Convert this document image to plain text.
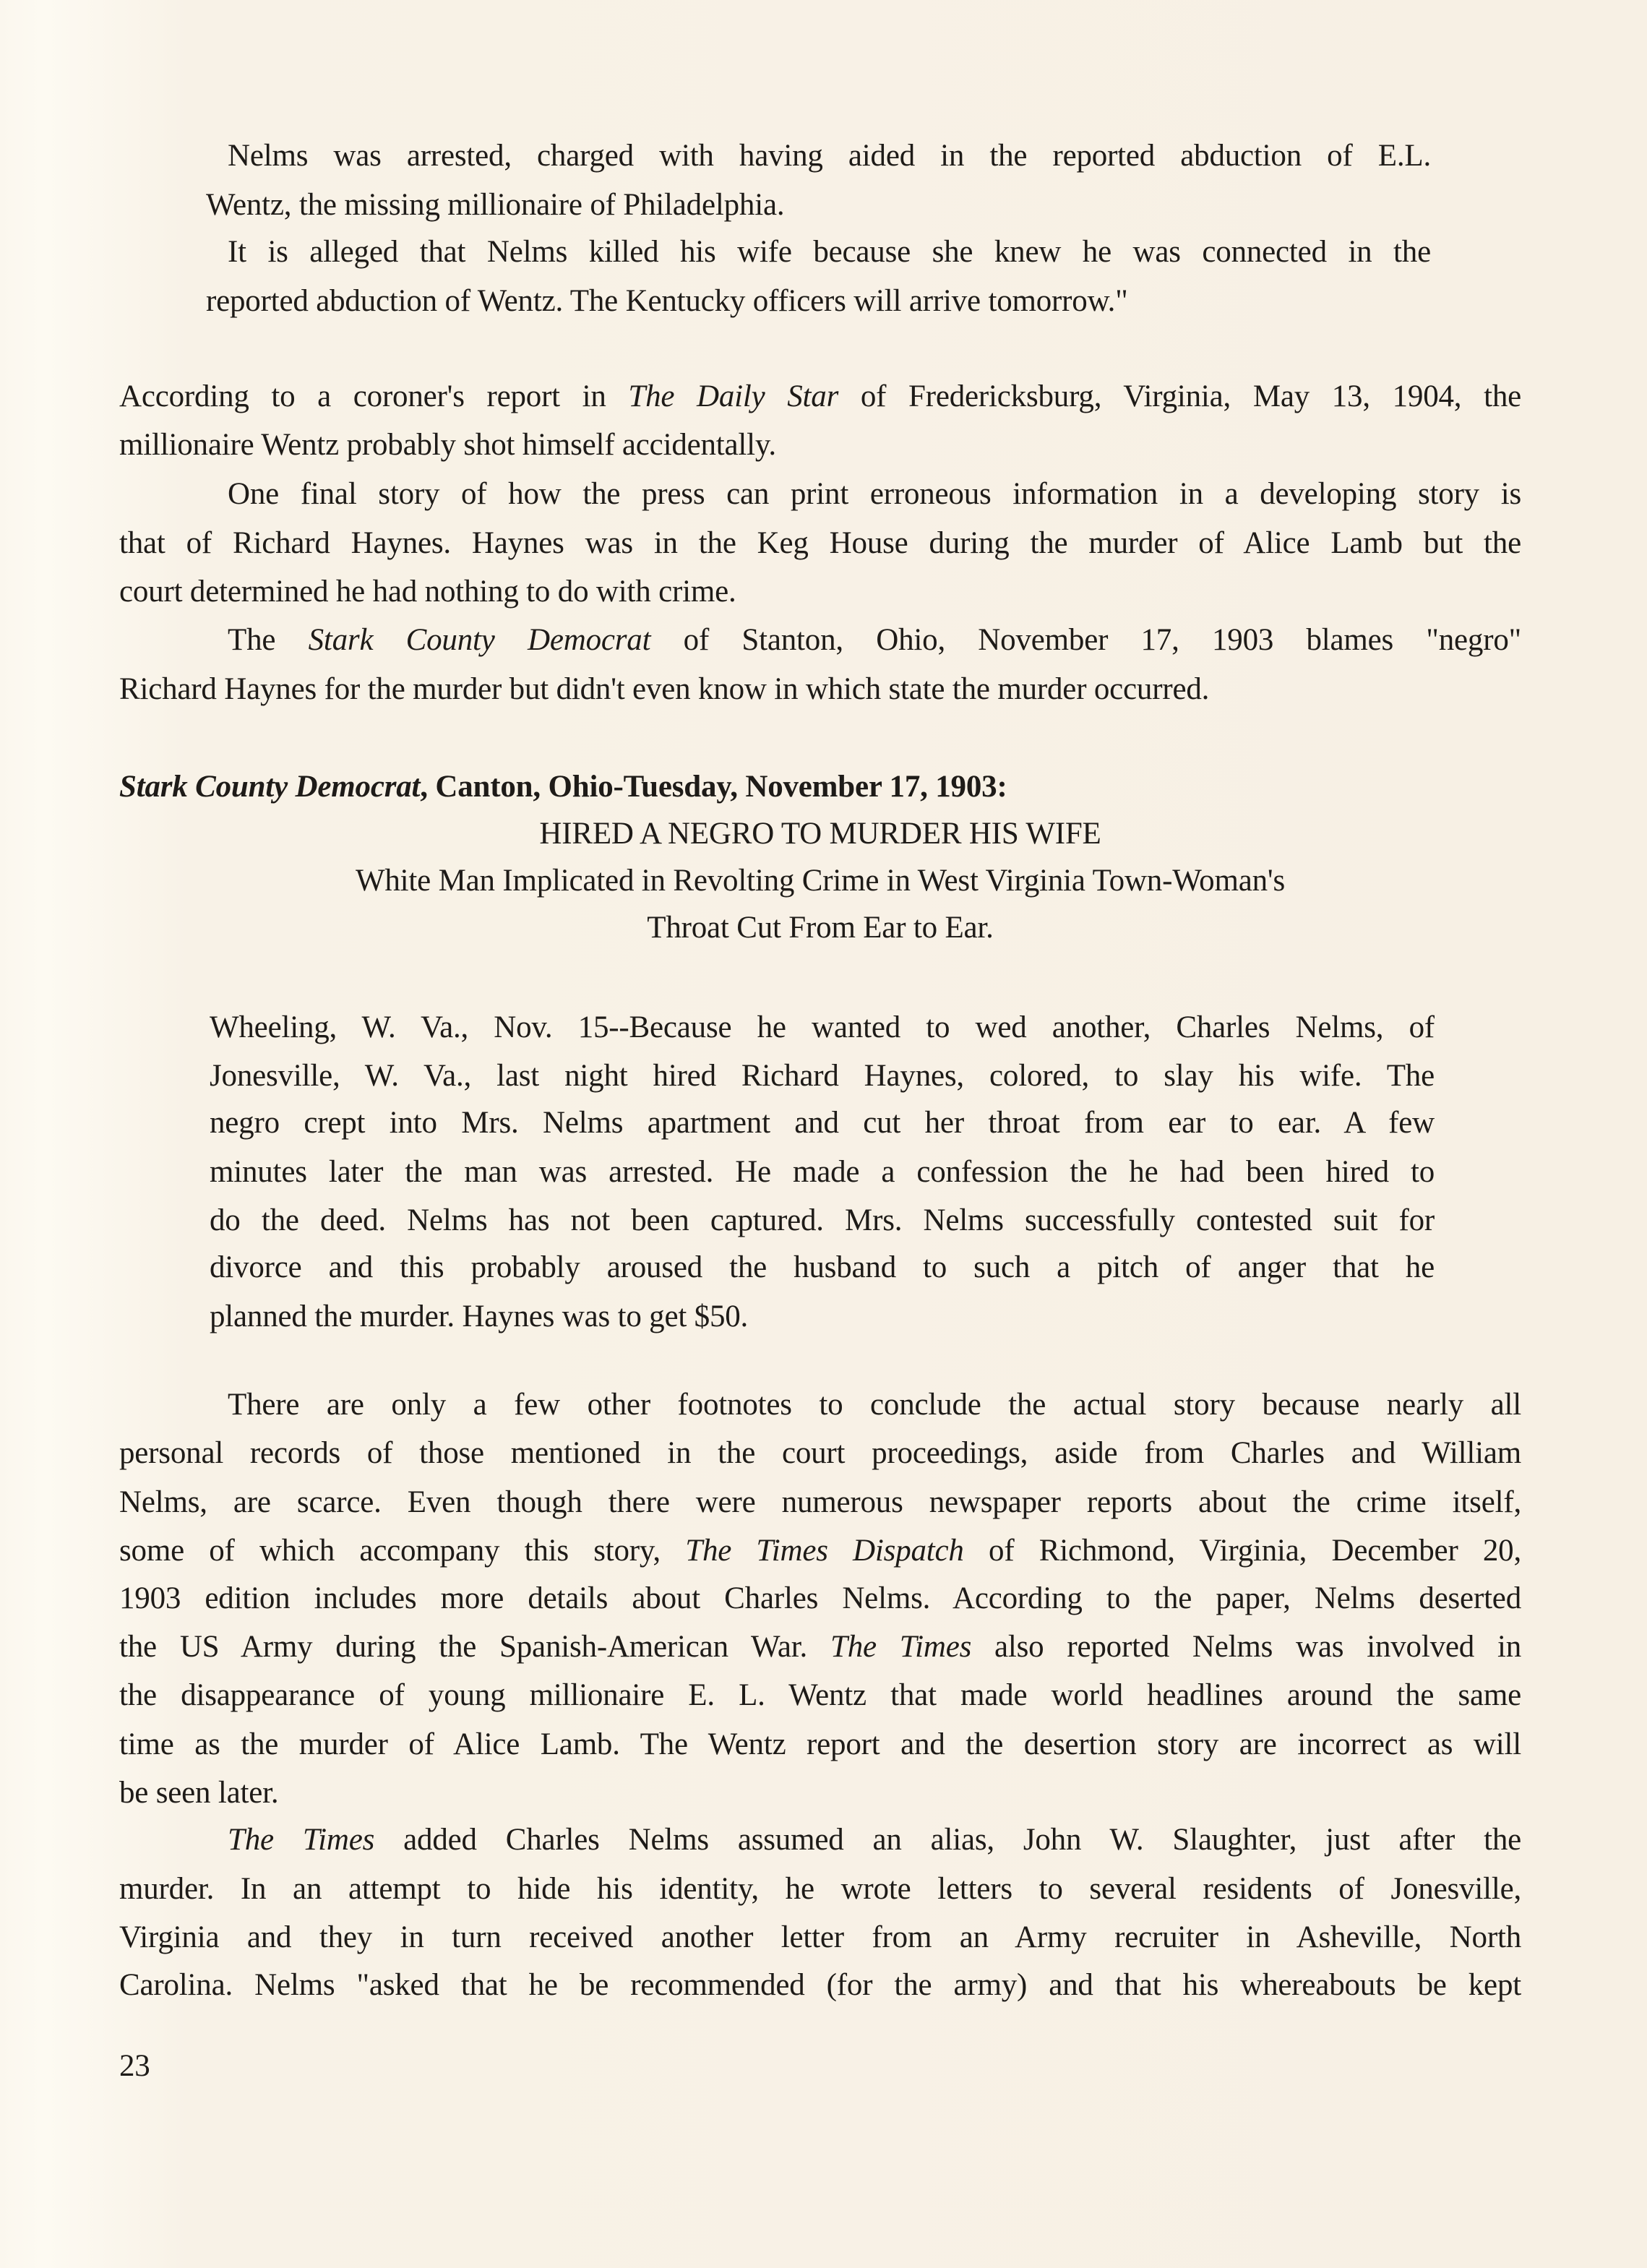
Nelms was arrested, charged with having aided in the reported abduction of E.L.
Wentz, the missing millionaire of Philadelphia.
It is alleged that Nelms killed his wife because she knew he was connected in the
reported abduction of Wentz. The Kentucky officers will arrive tomorrow."
According to a coroner's report in The Daily Star of Fredericksburg, Virginia, May 13, 1904, the
millionaire Wentz probably shot himself accidentally.
One final story of how the press can print erroneous information in a developing story is
that of Richard Haynes. Haynes was in the Keg House during the murder of Alice Lamb but the
court determined he had nothing to do with crime.
The Stark County Democrat of Stanton, Ohio, November 17, 1903 blames "negro"
Richard Haynes for the murder but didn't even know in which state the murder occurred.
Stark County Democrat, Canton, Ohio-Tuesday, November 17, 1903:
HIRED A NEGRO TO MURDER HIS WIFE
White Man Implicated in Revolting Crime in West Virginia Town-Woman's
Throat Cut From Ear to Ear.
Wheeling, W. Va., Nov. 15--Because he wanted to wed another, Charles Nelms, of
Jonesville, W. Va., last night hired Richard Haynes, colored, to slay his wife. The
negro crept into Mrs. Nelms apartment and cut her throat from ear to ear. A few
minutes later the man was arrested. He made a confession the he had been hired to
do the deed. Nelms has not been captured. Mrs. Nelms successfully contested suit for
divorce and this probably aroused the husband to such a pitch of anger that he
planned the murder. Haynes was to get $50.
There are only a few other footnotes to conclude the actual story because nearly all
personal records of those mentioned in the court proceedings, aside from Charles and William
Nelms, are scarce. Even though there were numerous newspaper reports about the crime itself,
some of which accompany this story, The Times Dispatch of Richmond, Virginia, December 20,
1903 edition includes more details about Charles Nelms. According to the paper, Nelms deserted
the US Army during the Spanish-American War. The Times also reported Nelms was involved in
the disappearance of young millionaire E. L. Wentz that made world headlines around the same
time as the murder of Alice Lamb. The Wentz report and the desertion story are incorrect as will
be seen later.
The Times added Charles Nelms assumed an alias, John W. Slaughter, just after the
murder. In an attempt to hide his identity, he wrote letters to several residents of Jonesville,
Virginia and they in turn received another letter from an Army recruiter in Asheville, North
Carolina. Nelms "asked that he be recommended (for the army) and that his whereabouts be kept
23
